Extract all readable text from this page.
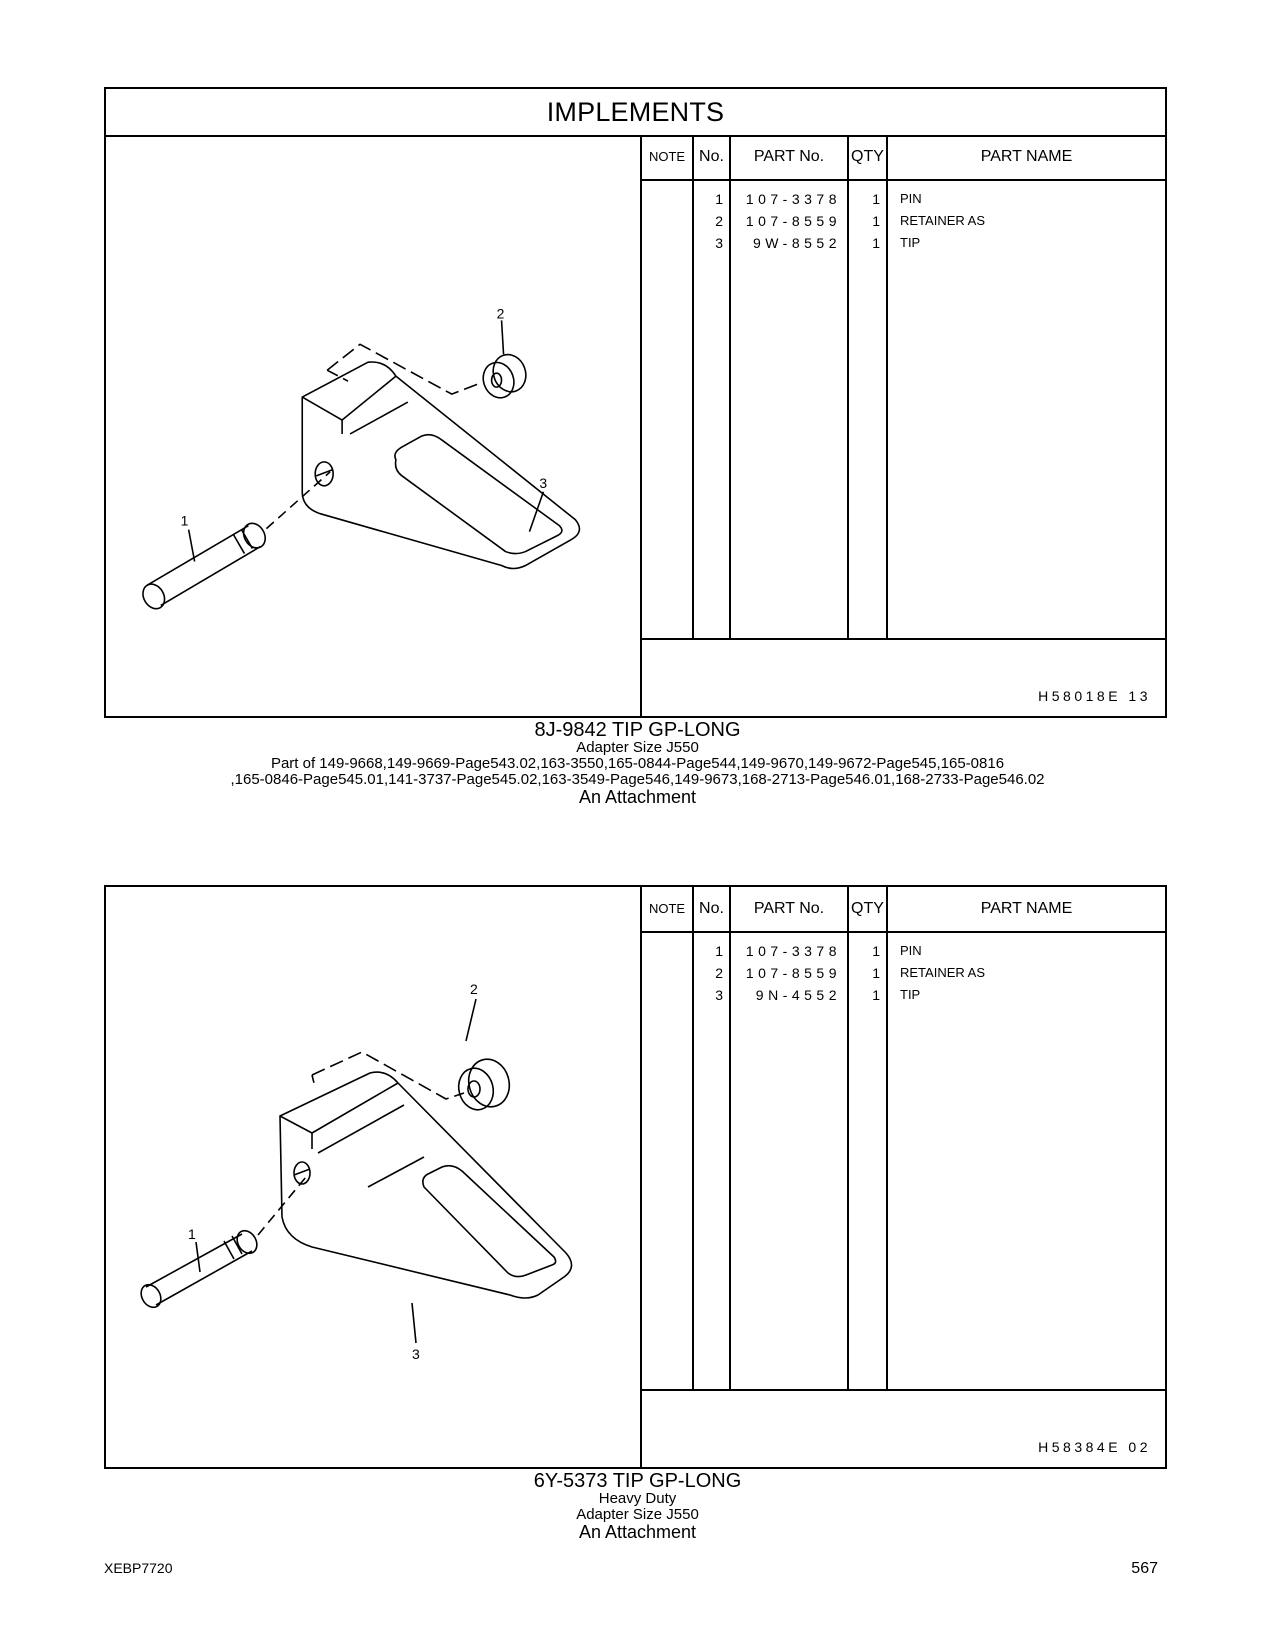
IMPLEMENTS
1
2
3
NOTE No.	PART No.	QTY	PART NAME
1	107-3378	1 PIN
2	107-8559	1 RETAINER AS
3	9W-8552	1 TIP
H58018E 13
8J-9842 TIP GP-LONG
Adapter Size J550
Part of 149-9668,149-9669-Page543.02,163-3550,165-0844-Page544,149-9670,149-9672-Page545,165-0816
,165-0846-Page545.01,141-3737-Page545.02,163-3549-Page546,149-9673,168-2713-Page546.01,168-2733-Page546.02
An Attachment
1
2
3
NOTE No.	PART No.	QTY	PART NAME
1	107-3378	1 PIN
2	107-8559	1 RETAINER AS
3	9N-4552	1 TIP
H58384E 02
6Y-5373 TIP GP-LONG
Heavy Duty
Adapter Size J550
An Attachment
XEBP7720	567
